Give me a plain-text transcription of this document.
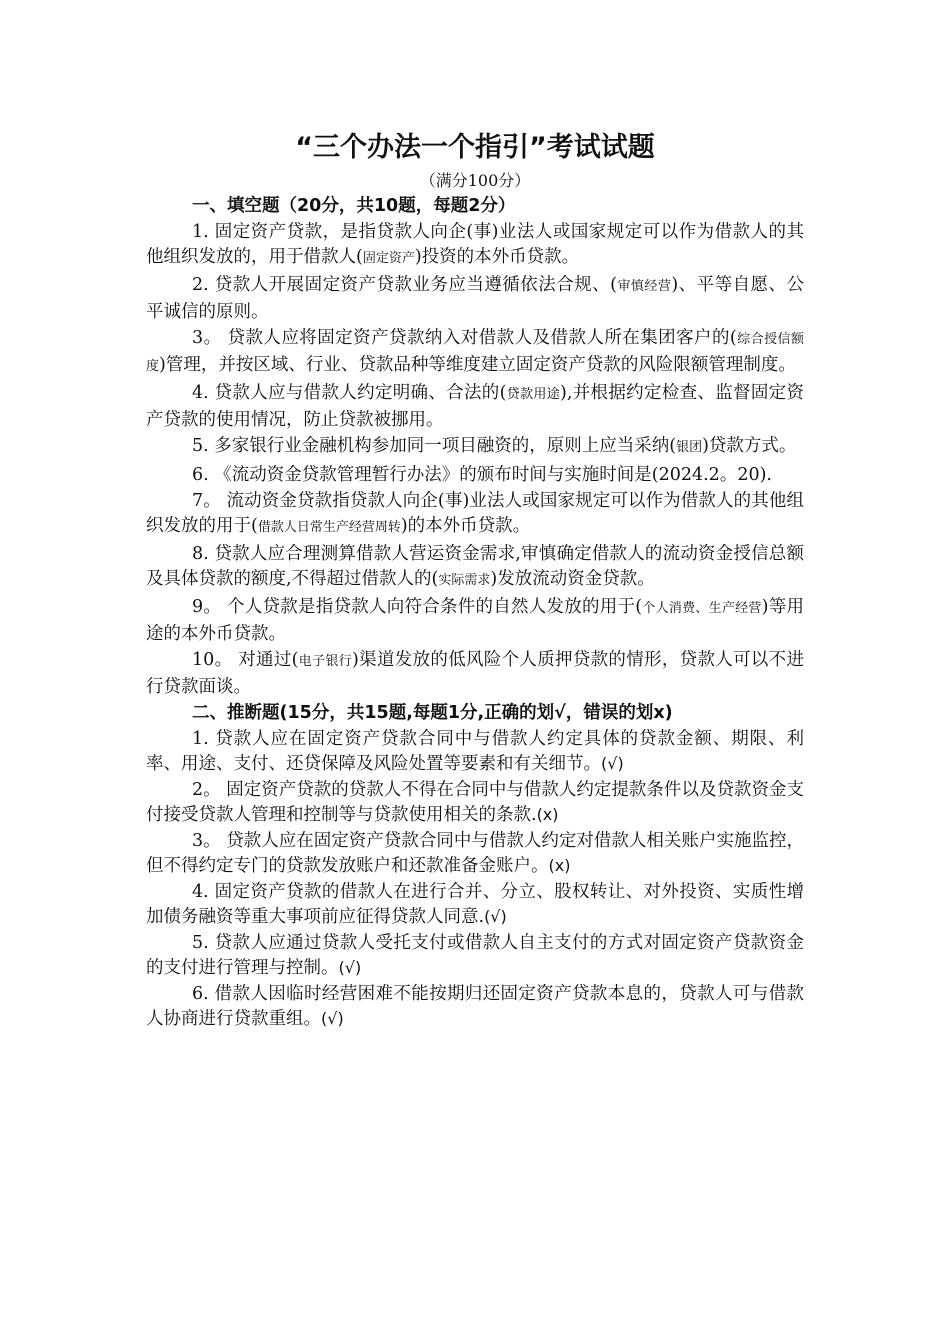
“三个办法一个指引”考试试题

（满分100分）

一、填空题（20分，共10题，每题2分）

1. 固定资产贷款，是指贷款人向企(事)业法人或国家规定可以作为借款人的其他组织发放的，用于借款人(固定资产)投资的本外币贷款。

2. 贷款人开展固定资产贷款业务应当遵循依法合规、(审慎经营)、平等自愿、公平诚信的原则。

3。 贷款人应将固定资产贷款纳入对借款人及借款人所在集团客户的(综合授信额度)管理，并按区域、行业、贷款品种等维度建立固定资产贷款的风险限额管理制度。

4. 贷款人应与借款人约定明确、合法的(贷款用途),并根据约定检查、监督固定资产贷款的使用情况，防止贷款被挪用。

5. 多家银行业金融机构参加同一项目融资的，原则上应当采纳(银团)贷款方式。

6. 《流动资金贷款管理暂行办法》的颁布时间与实施时间是(2024.2。20).

7。 流动资金贷款指贷款人向企(事)业法人或国家规定可以作为借款人的其他组织发放的用于(借款人日常生产经营周转)的本外币贷款。

8. 贷款人应合理测算借款人营运资金需求,审慎确定借款人的流动资金授信总额及具体贷款的额度,不得超过借款人的(实际需求)发放流动资金贷款。

9。 个人贷款是指贷款人向符合条件的自然人发放的用于(个人消费、生产经营)等用途的本外币贷款。

10。 对通过(电子银行)渠道发放的低风险个人质押贷款的情形，贷款人可以不进行贷款面谈。

二、推断题(15分，共15题,每题1分,正确的划√，错误的划x)

1. 贷款人应在固定资产贷款合同中与借款人约定具体的贷款金额、期限、利率、用途、支付、还贷保障及风险处置等要素和有关细节。(√)

2。 固定资产贷款的贷款人不得在合同中与借款人约定提款条件以及贷款资金支付接受贷款人管理和控制等与贷款使用相关的条款.(x)

3。 贷款人应在固定资产贷款合同中与借款人约定对借款人相关账户实施监控，但不得约定专门的贷款发放账户和还款准备金账户。(x)

4. 固定资产贷款的借款人在进行合并、分立、股权转让、对外投资、实质性增加债务融资等重大事项前应征得贷款人同意.(√)

5. 贷款人应通过贷款人受托支付或借款人自主支付的方式对固定资产贷款资金的支付进行管理与控制。(√)

6. 借款人因临时经营困难不能按期归还固定资产贷款本息的，贷款人可与借款人协商进行贷款重组。(√)
